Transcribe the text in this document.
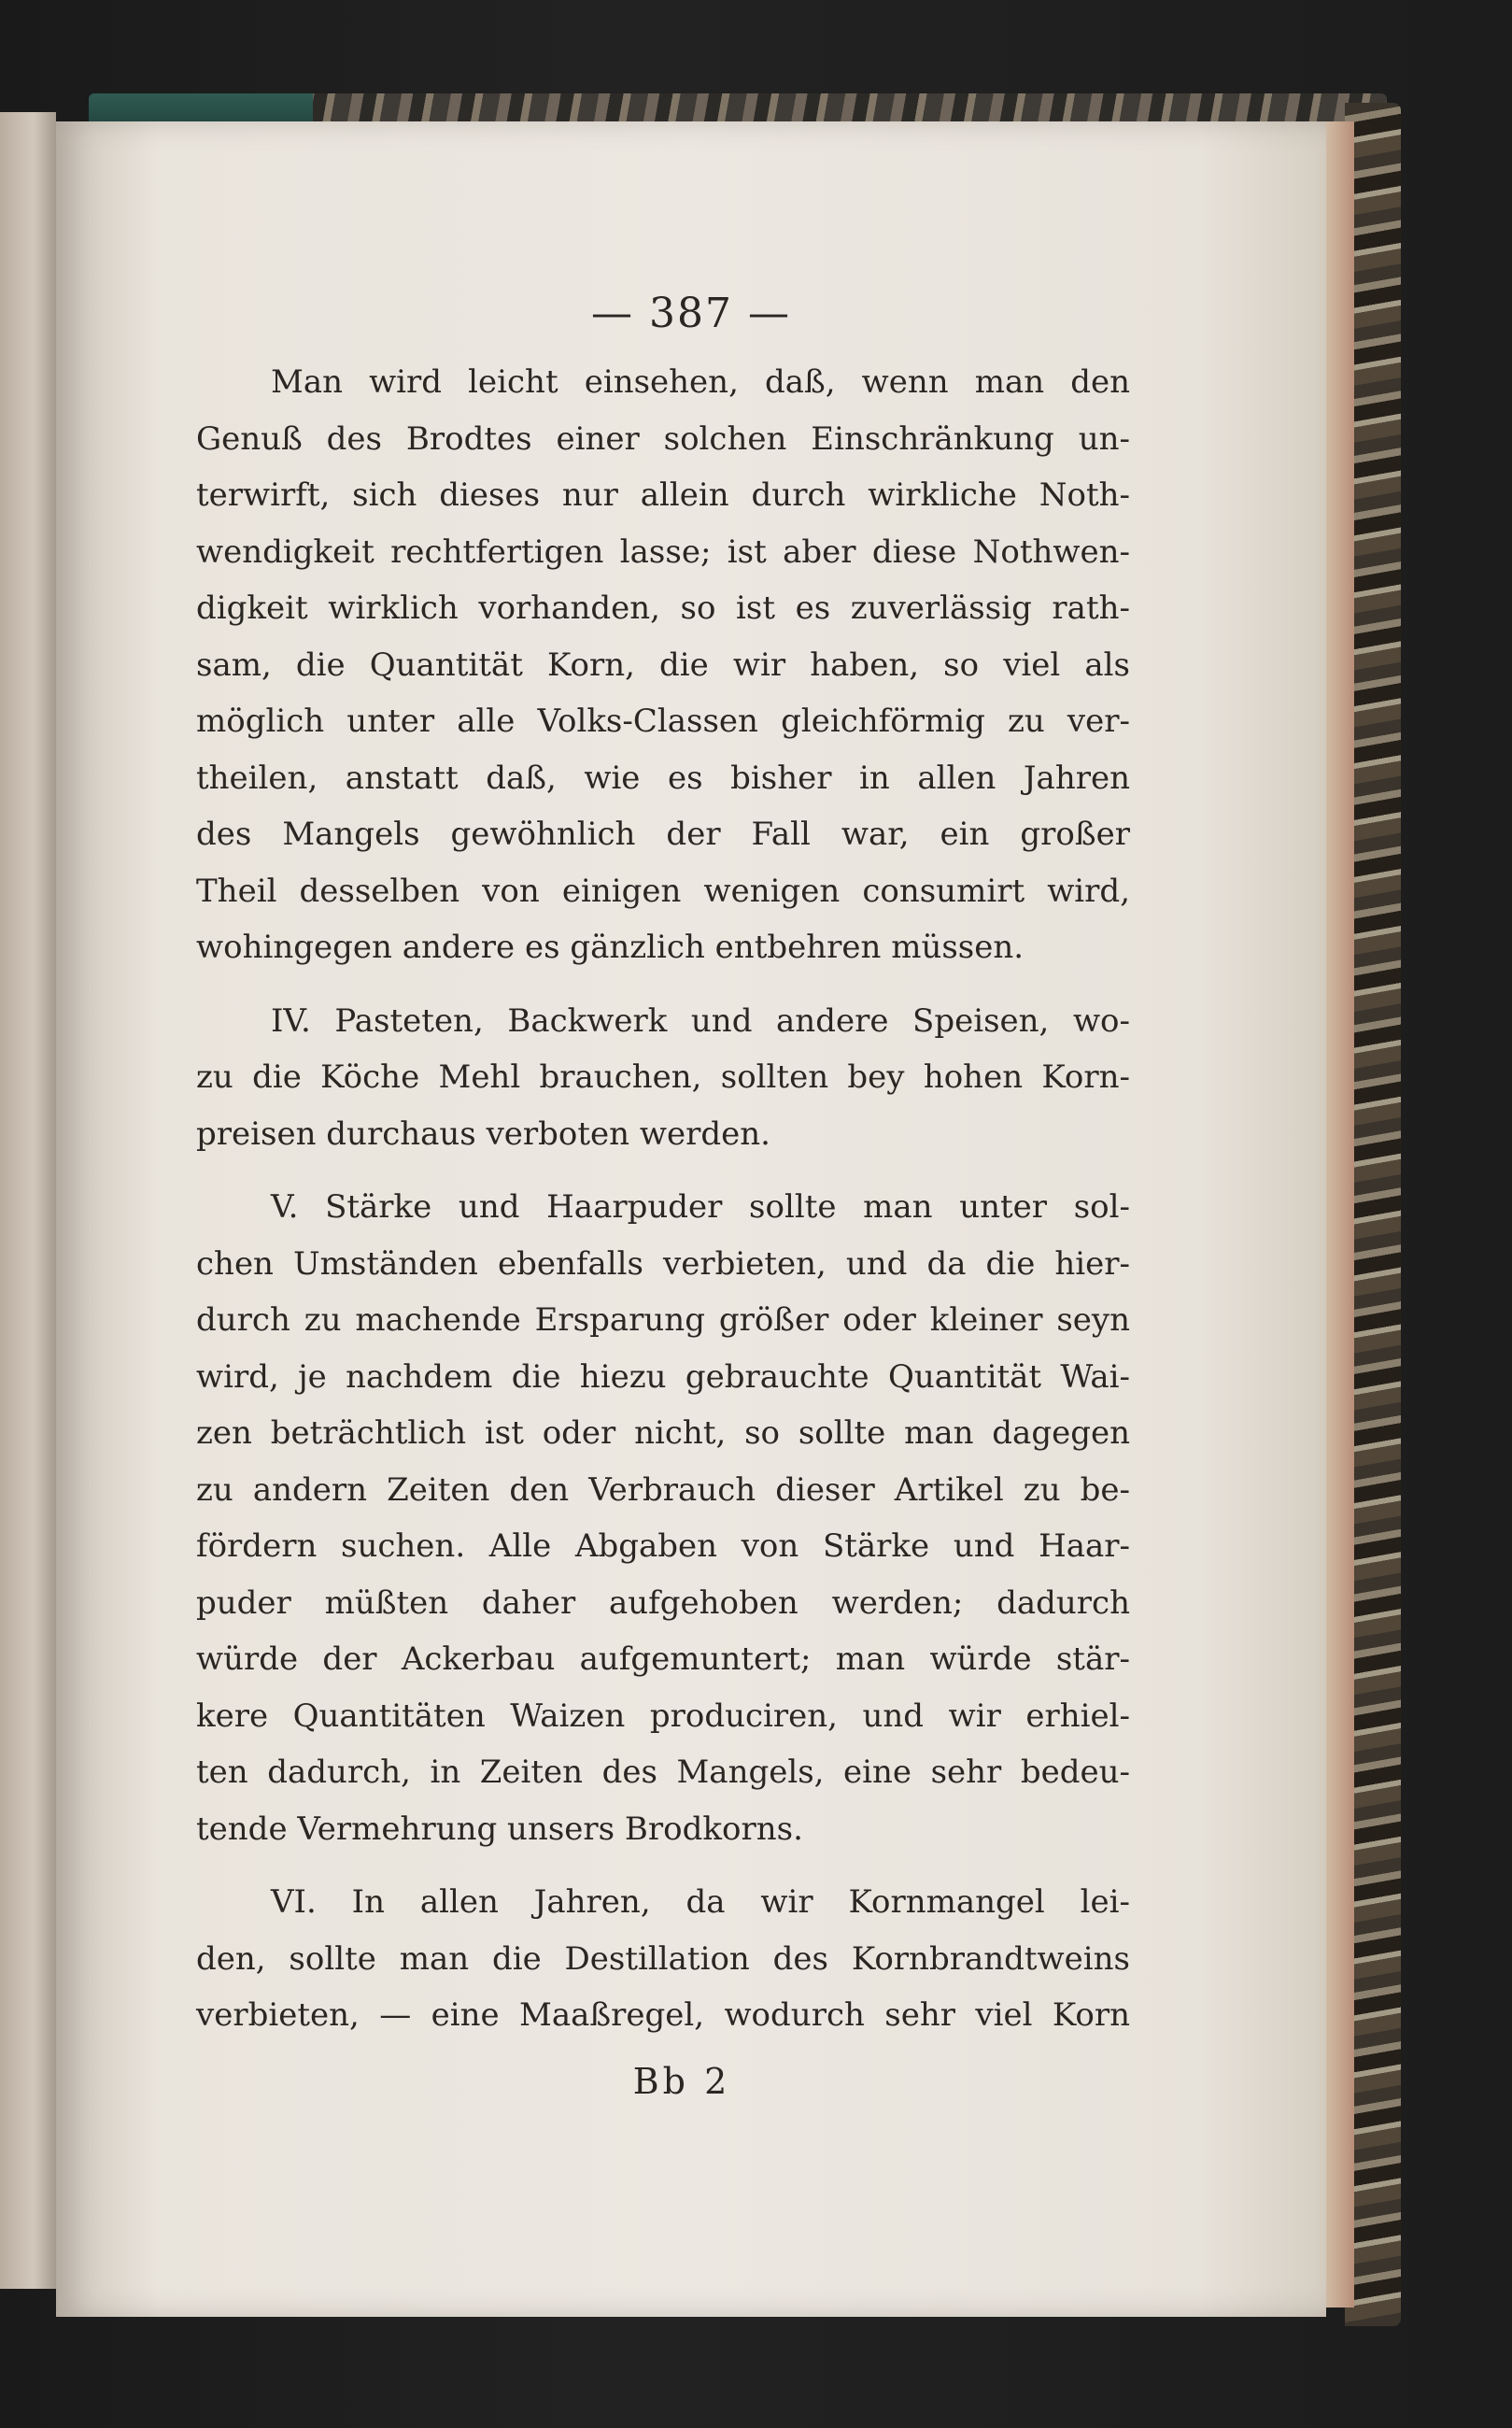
— 387 —
Man wird leicht einsehen, daß, wenn man den
Genuß des Brodtes einer solchen Einschränkung un-
terwirft, sich dieses nur allein durch wirkliche Noth-
wendigkeit rechtfertigen lasse; ist aber diese Nothwen-
digkeit wirklich vorhanden, so ist es zuverlässig rath-
sam, die Quantität Korn, die wir haben, so viel als
möglich unter alle Volks-Classen gleichförmig zu ver-
theilen, anstatt daß, wie es bisher in allen Jahren
des Mangels gewöhnlich der Fall war, ein großer
Theil desselben von einigen wenigen consumirt wird,
wohingegen andere es gänzlich entbehren müssen.
IV. Pasteten, Backwerk und andere Speisen, wo-
zu die Köche Mehl brauchen, sollten bey hohen Korn-
preisen durchaus verboten werden.
V. Stärke und Haarpuder sollte man unter sol-
chen Umständen ebenfalls verbieten, und da die hier-
durch zu machende Ersparung größer oder kleiner seyn
wird, je nachdem die hiezu gebrauchte Quantität Wai-
zen beträchtlich ist oder nicht, so sollte man dagegen
zu andern Zeiten den Verbrauch dieser Artikel zu be-
fördern suchen. Alle Abgaben von Stärke und Haar-
puder müßten daher aufgehoben werden; dadurch
würde der Ackerbau aufgemuntert; man würde stär-
kere Quantitäten Waizen produciren, und wir erhiel-
ten dadurch, in Zeiten des Mangels, eine sehr bedeu-
tende Vermehrung unsers Brodkorns.
VI. In allen Jahren, da wir Kornmangel lei-
den, sollte man die Destillation des Kornbrandtweins
verbieten, — eine Maaßregel, wodurch sehr viel Korn
Bb 2
